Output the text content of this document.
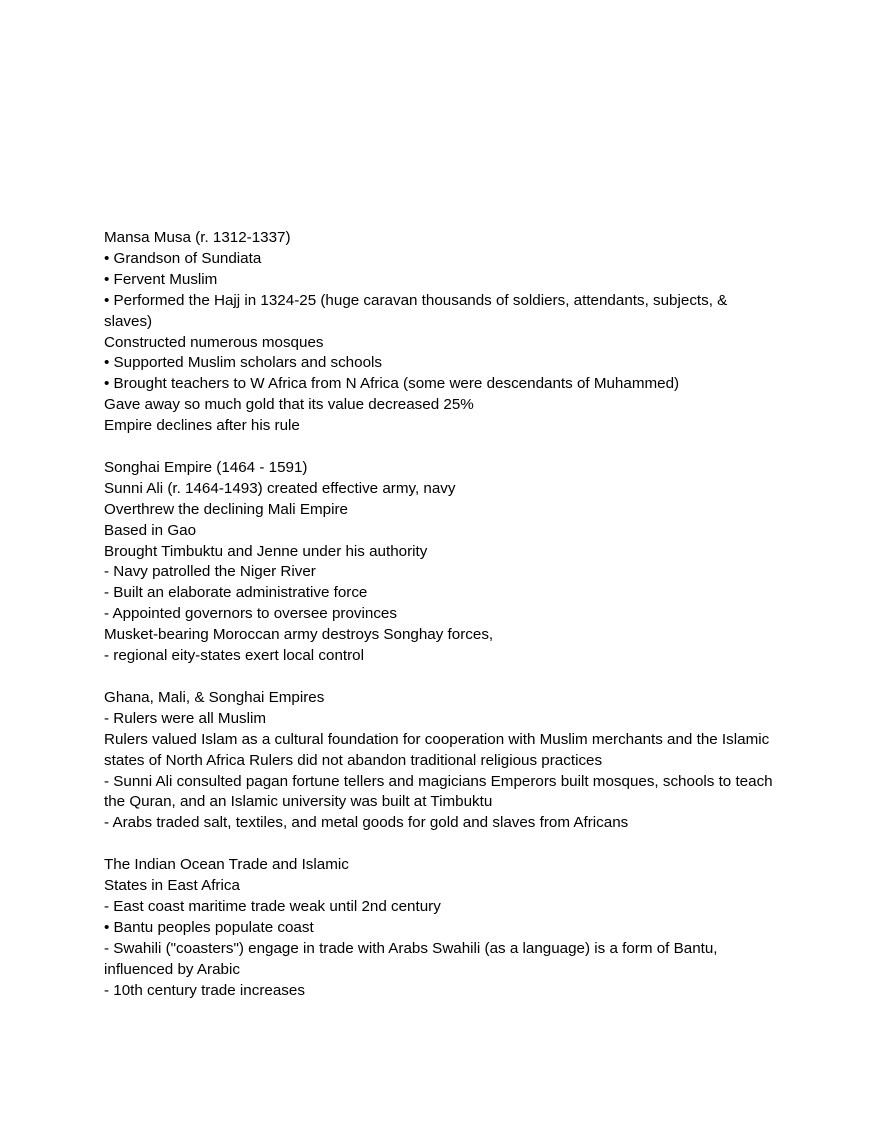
Mansa Musa (r. 1312-1337)
• Grandson of Sundiata
• Fervent Muslim
• Performed the Hajj in 1324-25 (huge caravan thousands of soldiers, attendants, subjects, & slaves)
Constructed numerous mosques
• Supported Muslim scholars and schools
• Brought teachers to W Africa from N Africa (some were descendants of Muhammed)
Gave away so much gold that its value decreased 25%
Empire declines after his rule
Songhai Empire (1464 - 1591)
Sunni Ali (r. 1464-1493) created effective army, navy
Overthrew the declining Mali Empire
Based in Gao
Brought Timbuktu and Jenne under his authority
- Navy patrolled the Niger River
- Built an elaborate administrative force
- Appointed governors to oversee provinces
Musket-bearing Moroccan army destroys Songhay forces,
- regional eity-states exert local control
Ghana, Mali, & Songhai Empires
- Rulers were all Muslim
Rulers valued Islam as a cultural foundation for cooperation with Muslim merchants and the Islamic states of North Africa Rulers did not abandon traditional religious practices
- Sunni Ali consulted pagan fortune tellers and magicians Emperors built mosques, schools to teach the Quran, and an Islamic university was built at Timbuktu
- Arabs traded salt, textiles, and metal goods for gold and slaves from Africans
The Indian Ocean Trade and Islamic
States in East Africa
- East coast maritime trade weak until 2nd century
• Bantu peoples populate coast
- Swahili ("coasters") engage in trade with Arabs Swahili (as a language) is a form of Bantu, influenced by Arabic
- 10th century trade increases
